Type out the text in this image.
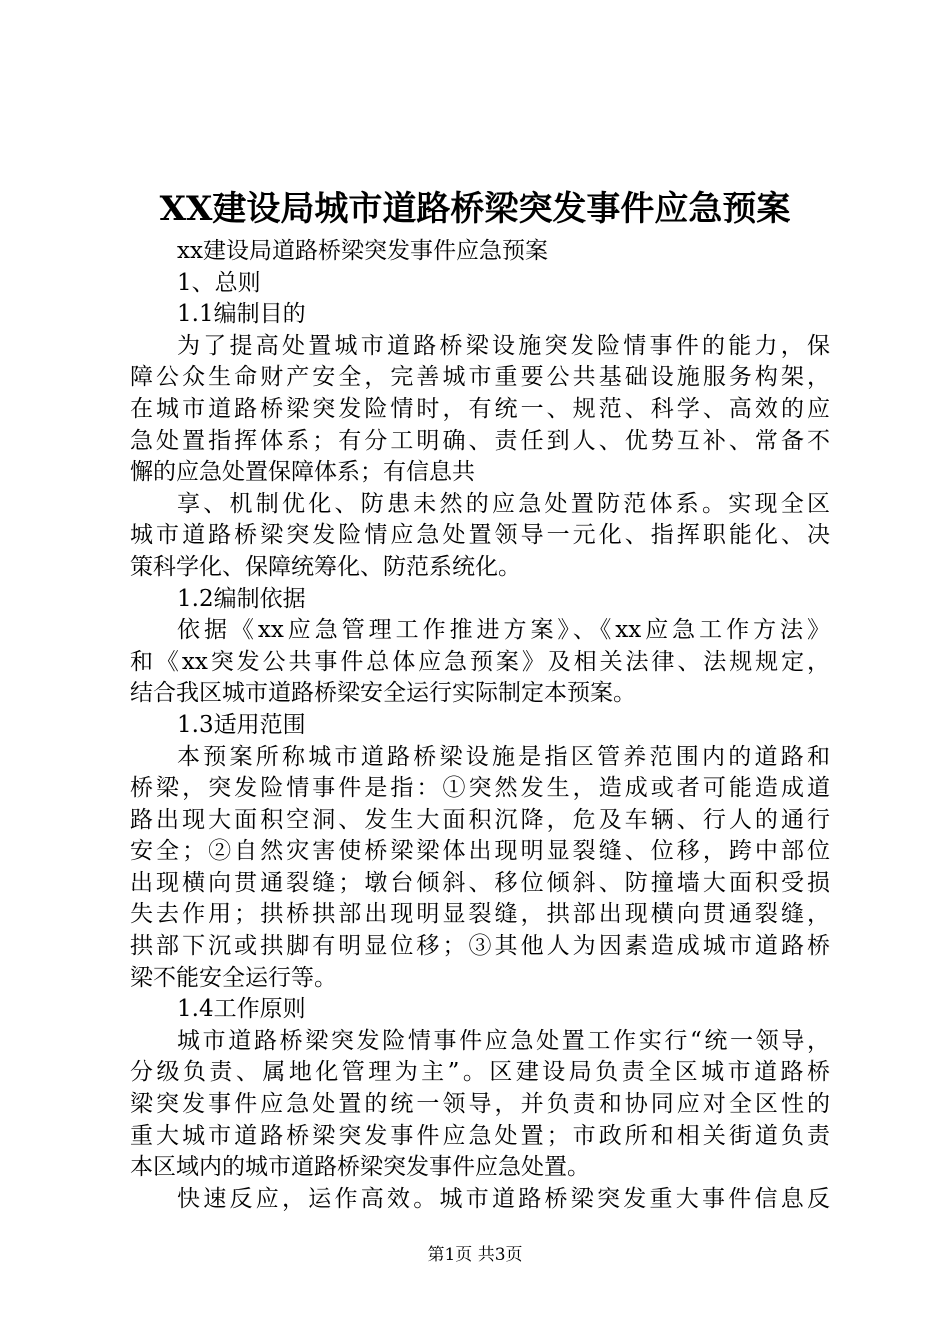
XX建设局城市道路桥梁突发事件应急预案
xx建设局道路桥梁突发事件应急预案
1、总则
1.1编制目的
为了提高处置城市道路桥梁设施突发险情事件的能力，保
障公众生命财产安全，完善城市重要公共基础设施服务构架，
在城市道路桥梁突发险情时，有统一、规范、科学、高效的应
急处置指挥体系；有分工明确、责任到人、优势互补、常备不
懈的应急处置保障体系；有信息共
享、机制优化、防患未然的应急处置防范体系。实现全区
城市道路桥梁突发险情应急处置领导一元化、指挥职能化、决
策科学化、保障统筹化、防范系统化。
1.2编制依据
依据《xx应急管理工作推进方案》、《xx应急工作方法》
和《xx突发公共事件总体应急预案》及相关法律、法规规定，
结合我区城市道路桥梁安全运行实际制定本预案。
1.3适用范围
本预案所称城市道路桥梁设施是指区管养范围内的道路和
桥梁，突发险情事件是指：①突然发生，造成或者可能造成道
路出现大面积空洞、发生大面积沉降，危及车辆、行人的通行
安全；②自然灾害使桥梁梁体出现明显裂缝、位移，跨中部位
出现横向贯通裂缝；墩台倾斜、移位倾斜、防撞墙大面积受损
失去作用；拱桥拱部出现明显裂缝，拱部出现横向贯通裂缝，
拱部下沉或拱脚有明显位移；③其他人为因素造成城市道路桥
梁不能安全运行等。
1.4工作原则
城市道路桥梁突发险情事件应急处置工作实行“统一领导，
分级负责、属地化管理为主”。区建设局负责全区城市道路桥
梁突发事件应急处置的统一领导，并负责和协同应对全区性的
重大城市道路桥梁突发事件应急处置；市政所和相关街道负责
本区域内的城市道路桥梁突发事件应急处置。
快速反应，运作高效。城市道路桥梁突发重大事件信息反
第1页 共3页
